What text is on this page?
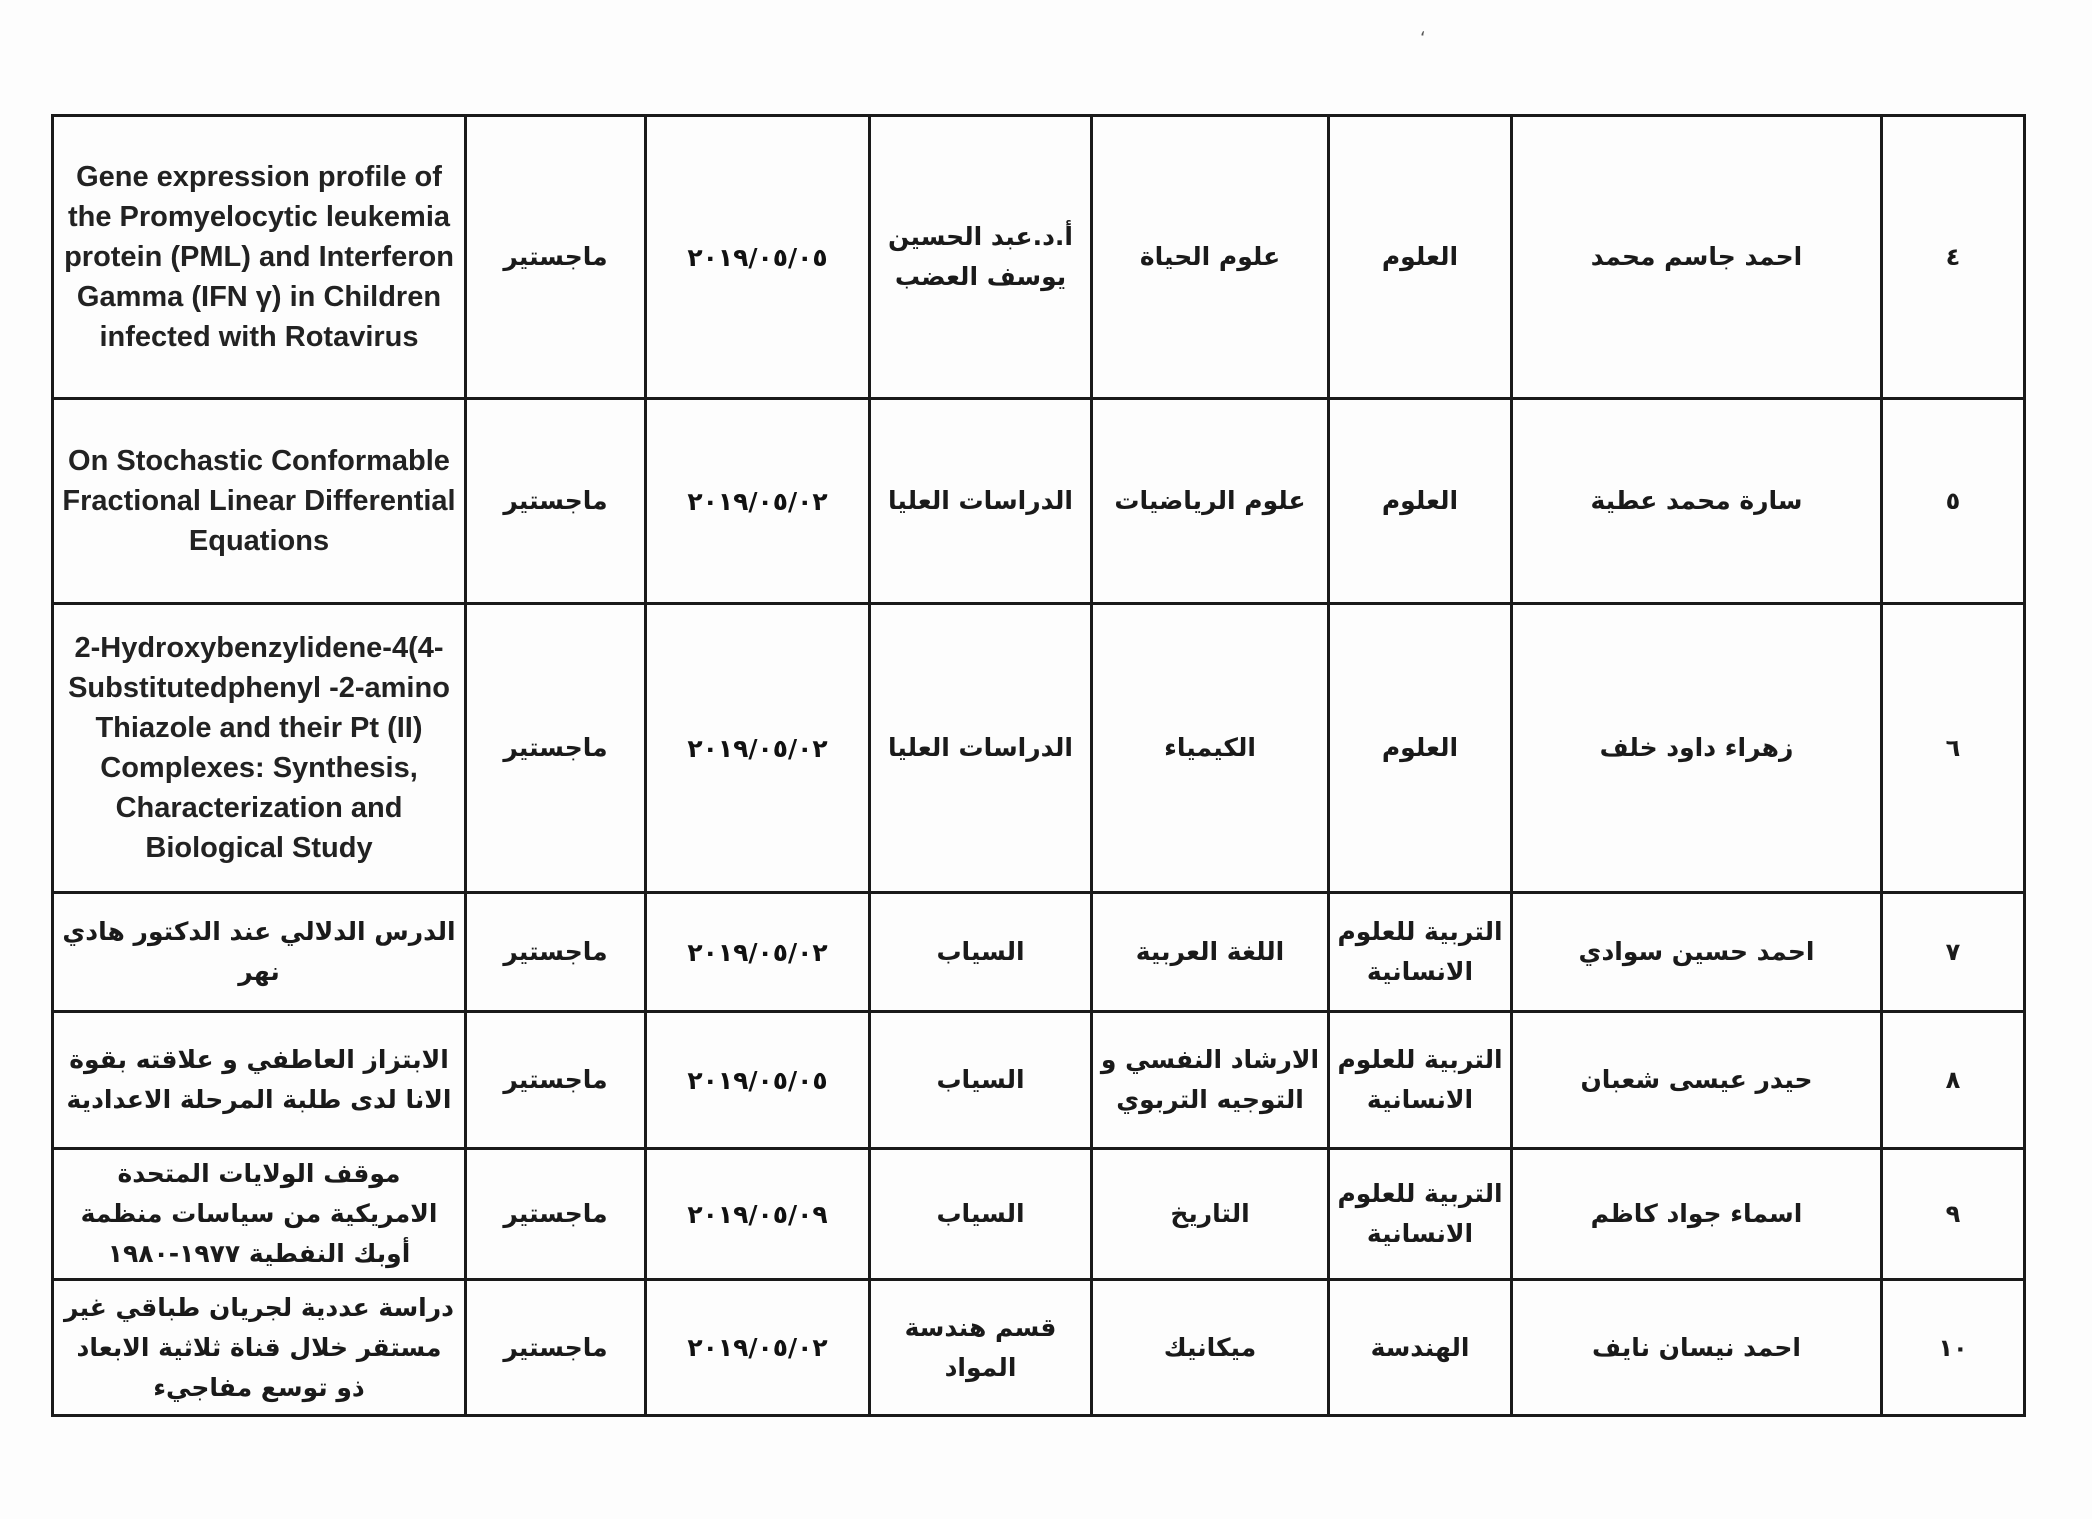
ʻ
Gene expression profile of the Promyelocytic leukemia protein (PML) and Interferon Gamma (IFN γ) in Children infected with Rotavirus	ماجستير	٢٠١٩/٠٥/٠٥	أ.د.عبد الحسين يوسف العضب	علوم الحياة	العلوم	احمد جاسم محمد	٤
On Stochastic Conformable Fractional Linear Differential Equations	ماجستير	٢٠١٩/٠٥/٠٢	الدراسات العليا	علوم الرياضيات	العلوم	سارة محمد عطية	٥
2-Hydroxybenzylidene-4(4-Substitutedphenyl -2-amino Thiazole and their Pt (II) Complexes: Synthesis, Characterization and Biological Study	ماجستير	٢٠١٩/٠٥/٠٢	الدراسات العليا	الكيمياء	العلوم	زهراء داود خلف	٦
الدرس الدلالي عند الدكتور هادي نهر	ماجستير	٢٠١٩/٠٥/٠٢	السياب	اللغة العربية	التربية للعلوم الانسانية	احمد حسين سوادي	٧
الابتزاز العاطفي و علاقته بقوة الانا لدى طلبة المرحلة الاعدادية	ماجستير	٢٠١٩/٠٥/٠٥	السياب	الارشاد النفسي و التوجيه التربوي	التربية للعلوم الانسانية	حيدر عيسى شعبان	٨
موقف الولايات المتحدة الامريكية من سياسات منظمة أوبك النفطية ١٩٧٧-١٩٨٠	ماجستير	٢٠١٩/٠٥/٠٩	السياب	التاريخ	التربية للعلوم الانسانية	اسماء جواد كاظم	٩
دراسة عددية لجريان طباقي غير مستقر خلال قناة ثلاثية الابعاد ذو توسع مفاجيء	ماجستير	٢٠١٩/٠٥/٠٢	قسم هندسة المواد	ميكانيك	الهندسة	احمد نيسان نايف	١٠
